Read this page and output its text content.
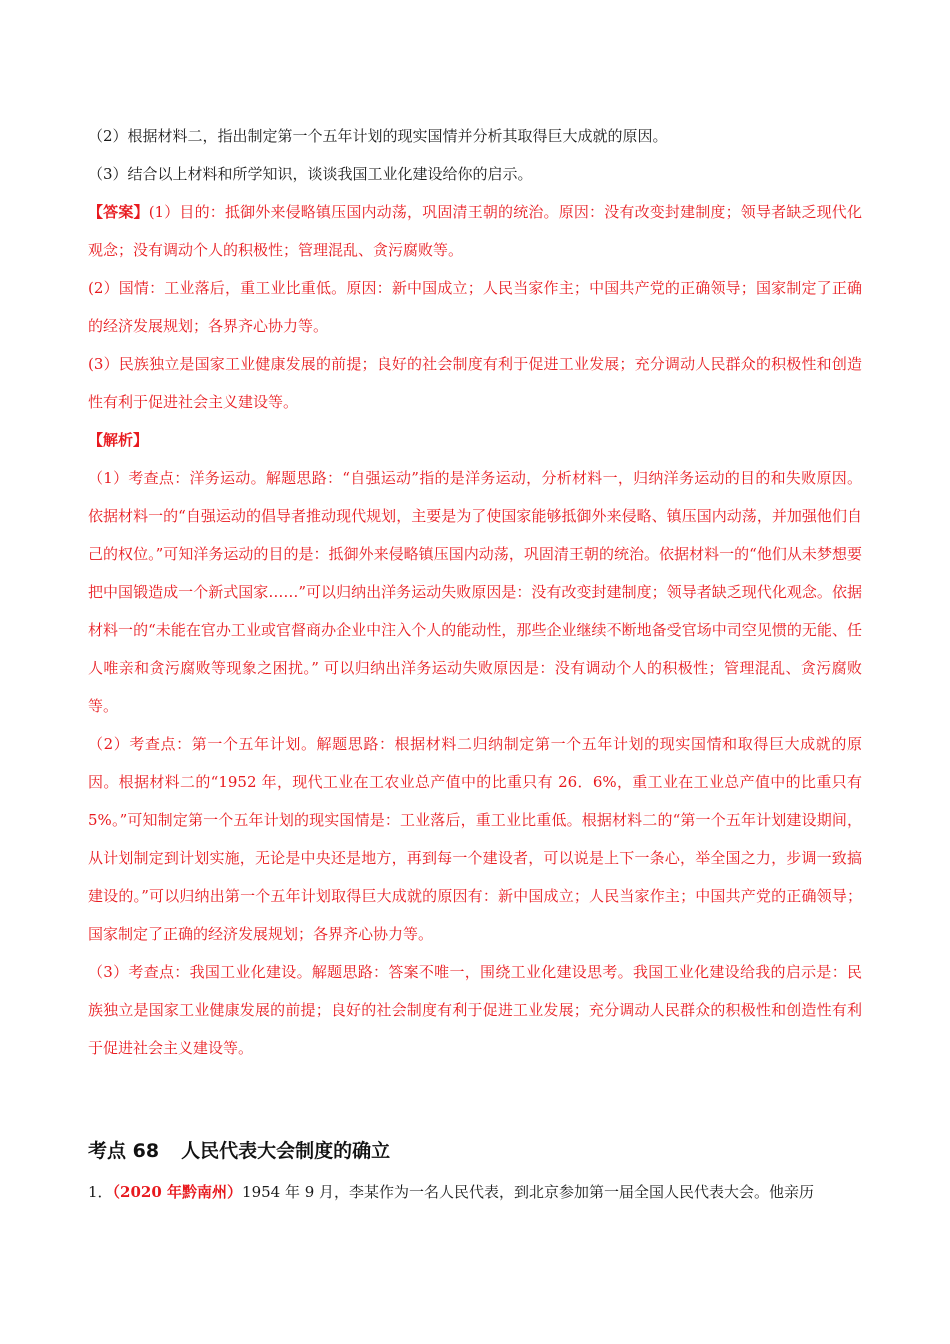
（2）根据材料二，指出制定第一个五年计划的现实国情并分析其取得巨大成就的原因。

（3）结合以上材料和所学知识，谈谈我国工业化建设给你的启示。

【答案】(1）目的：抵御外来侵略镇压国内动荡，巩固清王朝的统治。原因：没有改变封建制度；领导者缺乏现代化观念；没有调动个人的积极性；管理混乱、贪污腐败等。

(2）国情：工业落后，重工业比重低。原因：新中国成立；人民当家作主；中国共产党的正确领导；国家制定了正确的经济发展规划；各界齐心协力等。

(3）民族独立是国家工业健康发展的前提；良好的社会制度有利于促进工业发展；充分调动人民群众的积极性和创造性有利于促进社会主义建设等。

【解析】

（1）考查点：洋务运动。解题思路：“自强运动”指的是洋务运动，分析材料一，归纳洋务运动的目的和失败原因。依据材料一的“自强运动的倡导者推动现代规划，主要是为了使国家能够抵御外来侵略、镇压国内动荡，并加强他们自己的权位。”可知洋务运动的目的是：抵御外来侵略镇压国内动荡，巩固清王朝的统治。依据材料一的“他们从未梦想要把中国锻造成一个新式国家……”可以归纳出洋务运动失败原因是：没有改变封建制度；领导者缺乏现代化观念。依据材料一的“未能在官办工业或官督商办企业中注入个人的能动性，那些企业继续不断地备受官场中司空见惯的无能、任人唯亲和贪污腐败等现象之困扰。” 可以归纳出洋务运动失败原因是：没有调动个人的积极性；管理混乱、贪污腐败等。

（2）考查点：第一个五年计划。解题思路：根据材料二归纳制定第一个五年计划的现实国情和取得巨大成就的原因。根据材料二的“1952 年，现代工业在工农业总产值中的比重只有 26．6%，重工业在工业总产值中的比重只有 5%。”可知制定第一个五年计划的现实国情是：工业落后，重工业比重低。根据材料二的“第一个五年计划建设期间，从计划制定到计划实施，无论是中央还是地方，再到每一个建设者，可以说是上下一条心，举全国之力，步调一致搞建设的。”可以归纳出第一个五年计划取得巨大成就的原因有：新中国成立；人民当家作主；中国共产党的正确领导；国家制定了正确的经济发展规划；各界齐心协力等。

（3）考查点：我国工业化建设。解题思路：答案不唯一，围绕工业化建设思考。我国工业化建设给我的启示是：民族独立是国家工业健康发展的前提；良好的社会制度有利于促进工业发展；充分调动人民群众的积极性和创造性有利于促进社会主义建设等。

考点 68 人民代表大会制度的确立

1．（2020 年黔南州）1954 年 9 月，李某作为一名人民代表，到北京参加第一届全国人民代表大会。他亲历
